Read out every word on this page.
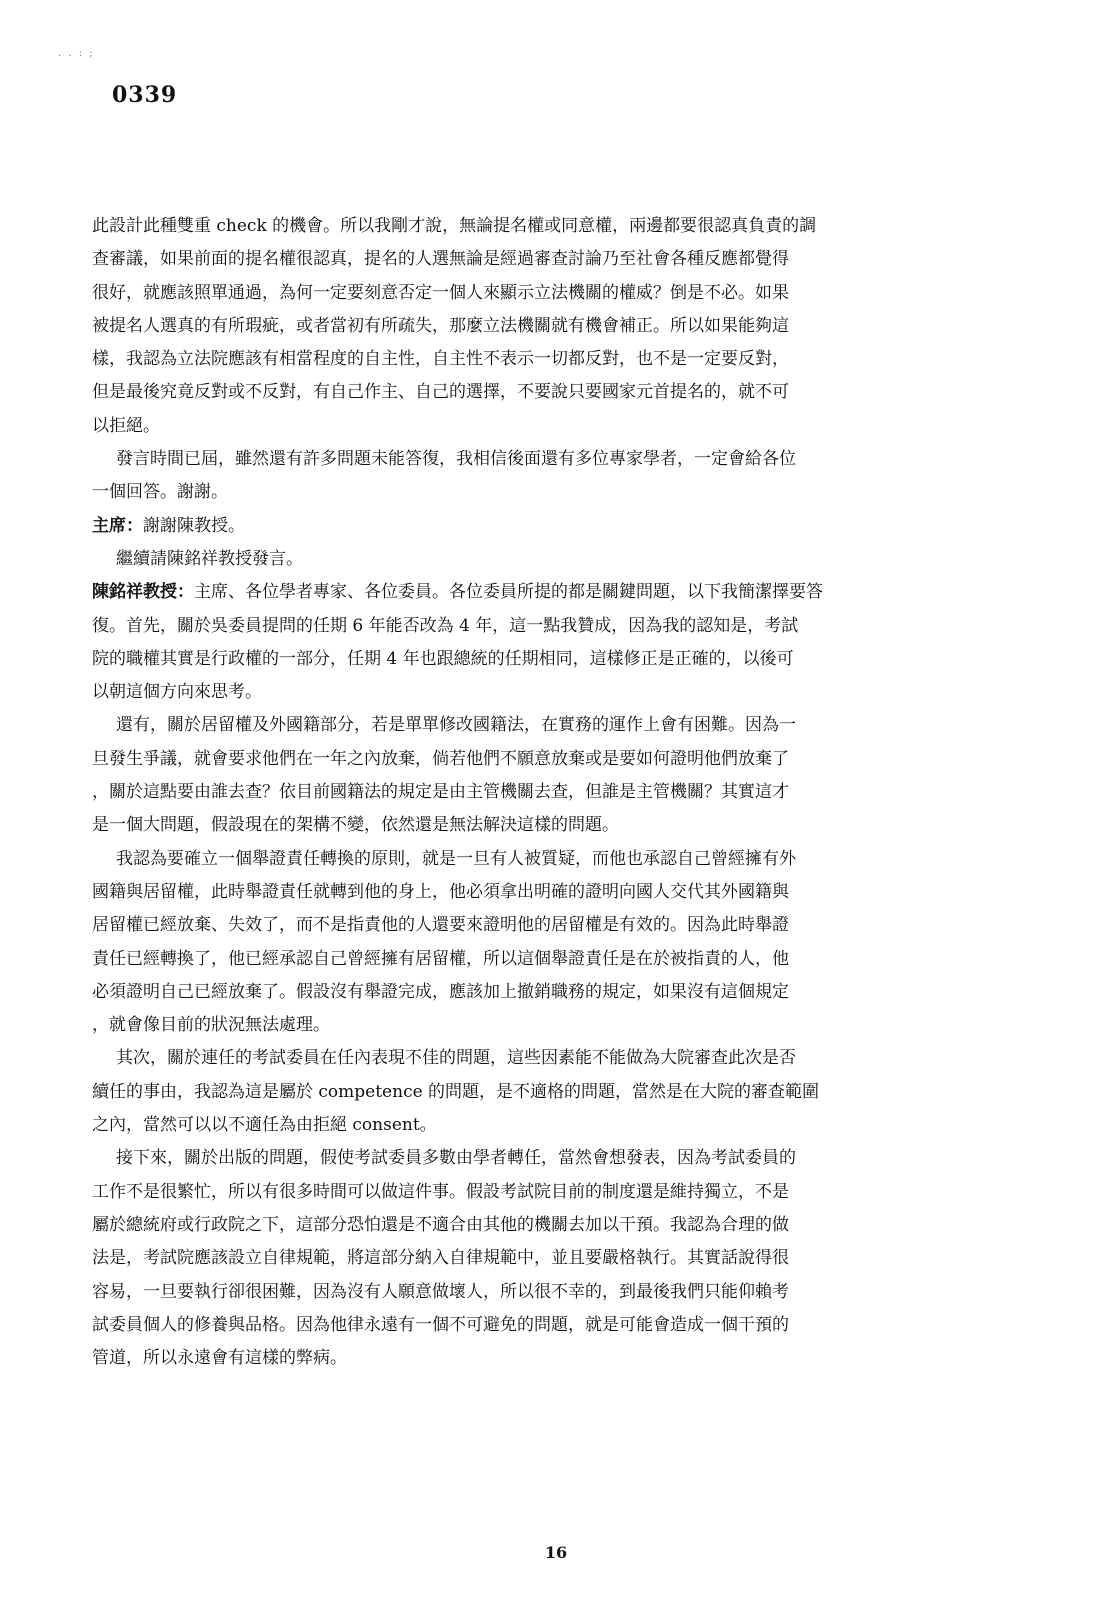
. . : ;
0339
此設計此種雙重 check 的機會。所以我剛才說，無論提名權或同意權，兩邊都要很認真負責的調
查審議，如果前面的提名權很認真，提名的人選無論是經過審查討論乃至社會各種反應都覺得
很好，就應該照單通過，為何一定要刻意否定一個人來顯示立法機關的權威？倒是不必。如果
被提名人選真的有所瑕疵，或者當初有所疏失，那麼立法機關就有機會補正。所以如果能夠這
樣，我認為立法院應該有相當程度的自主性，自主性不表示一切都反對，也不是一定要反對，
但是最後究竟反對或不反對，有自己作主、自己的選擇，不要說只要國家元首提名的，就不可
以拒絕。
發言時間已屆，雖然還有許多問題未能答復，我相信後面還有多位專家學者，一定會給各位
一個回答。謝謝。
主席：謝謝陳教授。
繼續請陳銘祥教授發言。
陳銘祥教授：主席、各位學者專家、各位委員。各位委員所提的都是關鍵問題，以下我簡潔擇要答
復。首先，關於吳委員提問的任期 6 年能否改為 4 年，這一點我贊成，因為我的認知是，考試
院的職權其實是行政權的一部分，任期 4 年也跟總統的任期相同，這樣修正是正確的，以後可
以朝這個方向來思考。
還有，關於居留權及外國籍部分，若是單單修改國籍法，在實務的運作上會有困難。因為一
旦發生爭議，就會要求他們在一年之內放棄，倘若他們不願意放棄或是要如何證明他們放棄了
，關於這點要由誰去查？依目前國籍法的規定是由主管機關去查，但誰是主管機關？其實這才
是一個大問題，假設現在的架構不變，依然還是無法解決這樣的問題。
我認為要確立一個舉證責任轉換的原則，就是一旦有人被質疑，而他也承認自己曾經擁有外
國籍與居留權，此時舉證責任就轉到他的身上，他必須拿出明確的證明向國人交代其外國籍與
居留權已經放棄、失效了，而不是指責他的人還要來證明他的居留權是有效的。因為此時舉證
責任已經轉換了，他已經承認自己曾經擁有居留權，所以這個舉證責任是在於被指責的人，他
必須證明自己已經放棄了。假設沒有舉證完成，應該加上撤銷職務的規定，如果沒有這個規定
，就會像目前的狀況無法處理。
其次，關於連任的考試委員在任內表現不佳的問題，這些因素能不能做為大院審查此次是否
續任的事由，我認為這是屬於 competence 的問題，是不適格的問題，當然是在大院的審查範圍
之內，當然可以以不適任為由拒絕 consent。
接下來，關於出版的問題，假使考試委員多數由學者轉任，當然會想發表，因為考試委員的
工作不是很繁忙，所以有很多時間可以做這件事。假設考試院目前的制度還是維持獨立，不是
屬於總統府或行政院之下，這部分恐怕還是不適合由其他的機關去加以干預。我認為合理的做
法是，考試院應該設立自律規範，將這部分納入自律規範中，並且要嚴格執行。其實話說得很
容易，一旦要執行卻很困難，因為沒有人願意做壞人，所以很不幸的，到最後我們只能仰賴考
試委員個人的修養與品格。因為他律永遠有一個不可避免的問題，就是可能會造成一個干預的
管道，所以永遠會有這樣的弊病。
16
